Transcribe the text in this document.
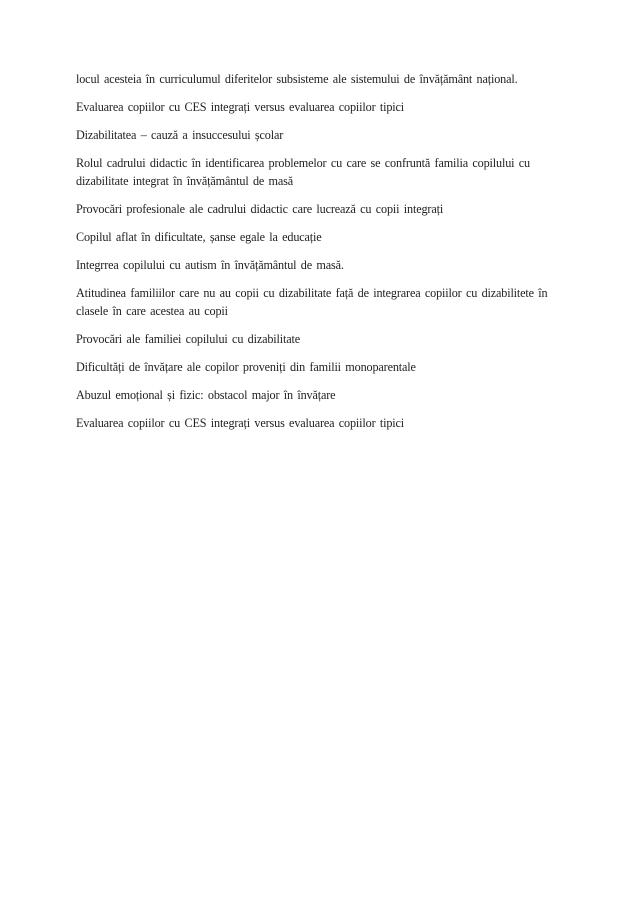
locul acesteia în curriculumul diferitelor subsisteme ale sistemului de învățământ național.

Evaluarea copiilor cu CES integrați versus evaluarea copiilor tipici

Dizabilitatea – cauză a insuccesului școlar

Rolul cadrului didactic în identificarea problemelor cu care se confruntă familia copilului cu dizabilitate integrat în învățământul de masă

Provocări profesionale ale cadrului didactic care lucrează cu copii integrați

Copilul aflat în dificultate, șanse egale la educație

Integrrea copilului cu autism în învățământul de masă.

Atitudinea familiilor care nu au copii cu dizabilitate față de integrarea copiilor cu dizabilitete în clasele în care acestea au copii

Provocări ale familiei copilului cu dizabilitate

Dificultăți de învățare ale copilor proveniți din familii monoparentale

Abuzul emoțional și fizic: obstacol major în învățare

Evaluarea copiilor cu CES integrați versus evaluarea copiilor tipici
